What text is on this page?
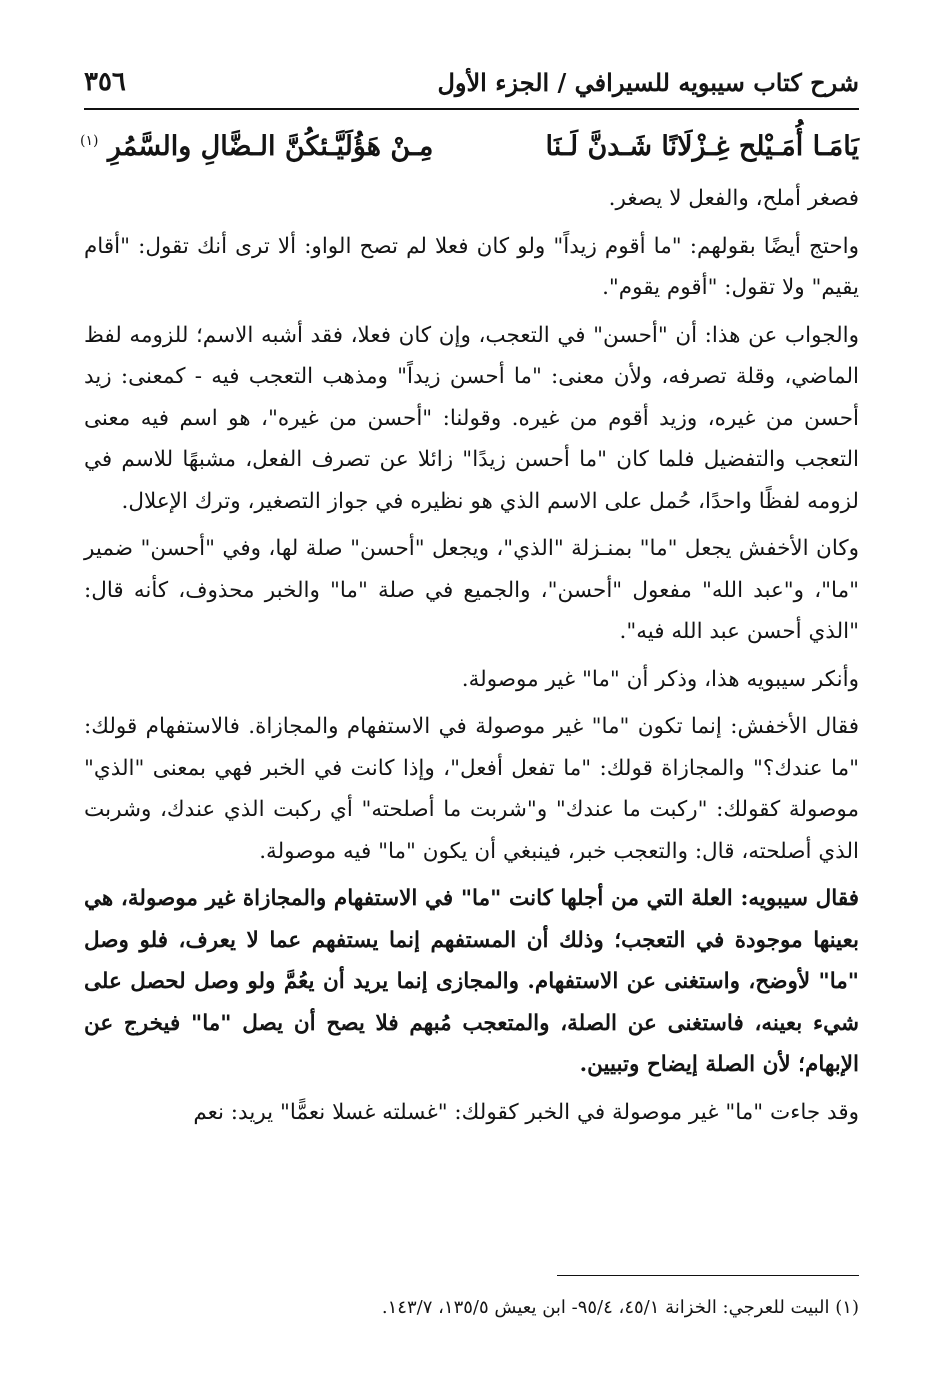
شرح كتاب سيبويه للسيرافي / الجزء الأول
٣٥٦
يَامَـا أُمَـيْلح غِـزْلَانًا شَـدنَّ لَـنَا
مِـنْ هَؤُلَيَّـئكُنَّ الـضَّالِ والسَّمُرِ $^{(١)}$

فصغر أملح، والفعل لا يصغر.

واحتج أيضًا بقولهم: "ما أقوم زيداً" ولو كان فعلا لم تصح الواو: ألا ترى أنك تقول: "أقام يقيم" ولا تقول: "أقوم يقوم".

والجواب عن هذا: أن "أحسن" في التعجب، وإن كان فعلا، فقد أشبه الاسم؛ للزومه لفظ الماضي، وقلة تصرفه، ولأن معنى: "ما أحسن زيداً" ومذهب التعجب فيه - كمعنى: زيد أحسن من غيره، وزيد أقوم من غيره. وقولنا: "أحسن من غيره"، هو اسم فيه معنى التعجب والتفضيل فلما كان "ما أحسن زيدًا" زائلا عن تصرف الفعل، مشبهًا للاسم في لزومه لفظًا واحدًا، حُمل على الاسم الذي هو نظيره في جواز التصغير، وترك الإعلال.

وكان الأخفش يجعل "ما" بمنـزلة "الذي"، ويجعل "أحسن" صلة لها، وفي "أحسن" ضمير "ما"، و"عبد الله" مفعول "أحسن"، والجميع في صلة "ما" والخبر محذوف، كأنه قال: "الذي أحسن عبد الله فيه".

وأنكر سيبويه هذا، وذكر أن "ما" غير موصولة.

فقال الأخفش: إنما تكون "ما" غير موصولة في الاستفهام والمجازاة. فالاستفهام قولك: "ما عندك؟" والمجازاة قولك: "ما تفعل أفعل"، وإذا كانت في الخبر فهي بمعنى "الذي" موصولة كقولك: "ركبت ما عندك" و"شربت ما أصلحته" أي ركبت الذي عندك، وشربت الذي أصلحته، قال: والتعجب خبر، فينبغي أن يكون "ما" فيه موصولة.

فقال سيبويه: العلة التي من أجلها كانت "ما" في الاستفهام والمجازاة غير موصولة، هي بعينها موجودة في التعجب؛ وذلك أن المستفهم إنما يستفهم عما لا يعرف، فلو وصل "ما" لأوضح، واستغنى عن الاستفهام. والمجازى إنما يريد أن يعُمَّ ولو وصل لحصل على شيء بعينه، فاستغنى عن الصلة، والمتعجب مُبهم فلا يصح أن يصل "ما" فيخرج عن الإبهام؛ لأن الصلة إيضاح وتبيين.

وقد جاءت "ما" غير موصولة في الخبر كقولك: "غسلته غسلا نعمًّا" يريد: نعم

(١) البيت للعرجي: الخزانة ٤٥/١، ٩٥/٤- ابن يعيش ١٣٥/٥، ١٤٣/٧.
